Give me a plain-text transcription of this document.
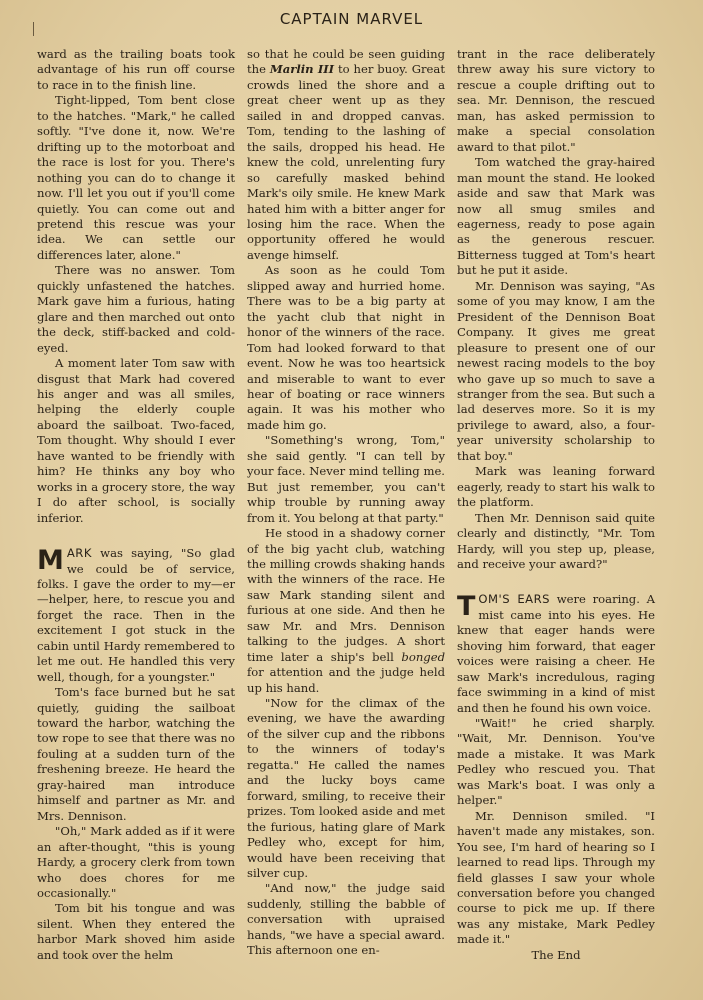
CAPTAIN MARVEL

ward as the trailing boats took advantage of his run off course to race in to the finish line.

Tight-lipped, Tom bent close to the hatches. "Mark," he called softly. "I've done it, now. We're drifting up to the motorboat and the race is lost for you. There's nothing you can do to change it now. I'll let you out if you'll come quietly. You can come out and pretend this rescue was your idea. We can settle our differences later, alone."

There was no answer. Tom quickly unfastened the hatches. Mark gave him a furious, hating glare and then marched out onto the deck, stiff-backed and cold-eyed.

A moment later Tom saw with disgust that Mark had covered his anger and was all smiles, helping the elderly couple aboard the sailboat. Two-faced, Tom thought. Why should I ever have wanted to be friendly with him? He thinks any boy who works in a grocery store, the way I do after school, is socially inferior.

MARK was saying, "So glad we could be of service, folks. I gave the order to my—er—helper, here, to rescue you and forget the race. Then in the excitement I got stuck in the cabin until Hardy remembered to let me out. He handled this very well, though, for a youngster."

Tom's face burned but he sat quietly, guiding the sailboat toward the harbor, watching the tow rope to see that there was no fouling at a sudden turn of the freshening breeze. He heard the gray-haired man introduce himself and partner as Mr. and Mrs. Dennison.

"Oh," Mark added as if it were an after-thought, "this is young Hardy, a grocery clerk from town who does chores for me occasionally."

Tom bit his tongue and was silent. When they entered the harbor Mark shoved him aside and took over the helm

so that he could be seen guiding the Marlin III to her buoy. Great crowds lined the shore and a great cheer went up as they sailed in and dropped canvas. Tom, tending to the lashing of the sails, dropped his head. He knew the cold, unrelenting fury so carefully masked behind Mark's oily smile. He knew Mark hated him with a bitter anger for losing him the race. When the opportunity offered he would avenge himself.

As soon as he could Tom slipped away and hurried home. There was to be a big party at the yacht club that night in honor of the winners of the race. Tom had looked forward to that event. Now he was too heartsick and miserable to want to ever hear of boating or race winners again. It was his mother who made him go.

"Something's wrong, Tom," she said gently. "I can tell by your face. Never mind telling me. But just remember, you can't whip trouble by running away from it. You belong at that party."

He stood in a shadowy corner of the big yacht club, watching the milling crowds shaking hands with the winners of the race. He saw Mark standing silent and furious at one side. And then he saw Mr. and Mrs. Dennison talking to the judges. A short time later a ship's bell bonged for attention and the judge held up his hand.

"Now for the climax of the evening, we have the awarding of the silver cup and the ribbons to the winners of today's regatta." He called the names and the lucky boys came forward, smiling, to receive their prizes. Tom looked aside and met the furious, hating glare of Mark Pedley who, except for him, would have been receiving that silver cup.

"And now," the judge said suddenly, stilling the babble of conversation with upraised hands, "we have a special award. This afternoon one en-

trant in the race deliberately threw away his sure victory to rescue a couple drifting out to sea. Mr. Dennison, the rescued man, has asked permission to make a special consolation award to that pilot."

Tom watched the gray-haired man mount the stand. He looked aside and saw that Mark was now all smug smiles and eagerness, ready to pose again as the generous rescuer. Bitterness tugged at Tom's heart but he put it aside.

Mr. Dennison was saying, "As some of you may know, I am the President of the Dennison Boat Company. It gives me great pleasure to present one of our newest racing models to the boy who gave up so much to save a stranger from the sea. But such a lad deserves more. So it is my privilege to award, also, a four-year university scholarship to that boy."

Mark was leaning forward eagerly, ready to start his walk to the platform.

Then Mr. Dennison said quite clearly and distinctly, "Mr. Tom Hardy, will you step up, please, and receive your award?"

TOM'S EARS were roaring. A mist came into his eyes. He knew that eager hands were shoving him forward, that eager voices were raising a cheer. He saw Mark's incredulous, raging face swimming in a kind of mist and then he found his own voice.

"Wait!" he cried sharply. "Wait, Mr. Dennison. You've made a mistake. It was Mark Pedley who rescued you. That was Mark's boat. I was only a helper."

Mr. Dennison smiled. "I haven't made any mistakes, son. You see, I'm hard of hearing so I learned to read lips. Through my field glasses I saw your whole conversation before you changed course to pick me up. If there was any mistake, Mark Pedley made it."

The End
